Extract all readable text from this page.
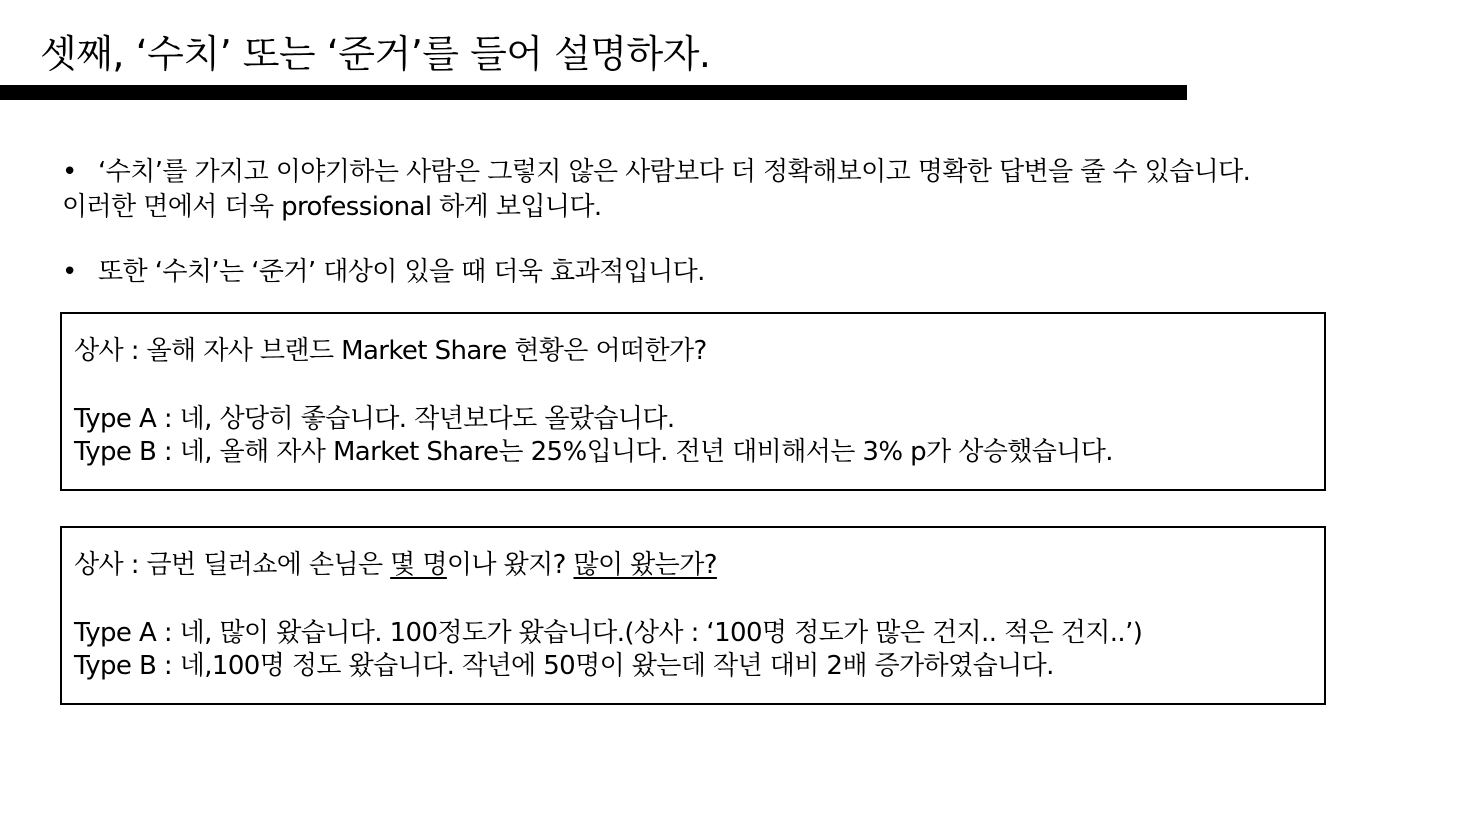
셋째, ‘수치’ 또는 ‘준거’를 들어 설명하자.
• ‘수치’를 가지고 이야기하는 사람은 그렇지 않은 사람보다 더 정확해보이고 명확한 답변을 줄 수 있습니다.
이러한 면에서 더욱 professional 하게 보입니다.
• 또한 ‘수치’는 ‘준거’ 대상이 있을 때 더욱 효과적입니다.
상사 : 올해 자사 브랜드 Market Share 현황은 어떠한가?
Type A : 네, 상당히 좋습니다. 작년보다도 올랐습니다.
Type B : 네, 올해 자사 Market Share는 25%입니다. 전년 대비해서는 3% p가 상승했습니다.
상사 : 금번 딜러쇼에 손님은 몇 명이나 왔지? 많이 왔는가?
Type A : 네, 많이 왔습니다. 100정도가 왔습니다.(상사 : ‘100명 정도가 많은 건지.. 적은 건지..’)
Type B : 네,100명 정도 왔습니다. 작년에 50명이 왔는데 작년 대비 2배 증가하였습니다.
